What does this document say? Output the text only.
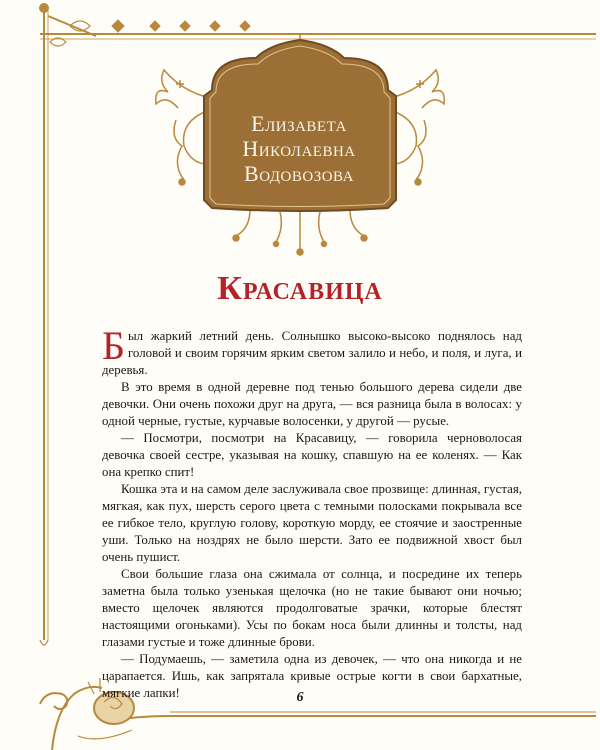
Елизавета
Николаевна
Водовозова
Красавица

Был жаркий летний день. Солнышко высоко-высоко поднялось над головой и своим горячим ярким светом залило и небо, и поля, и луга, и деревья.

В это время в одной деревне под тенью большого дерева сидели две девочки. Они очень похожи друг на друга, — вся разница была в волосах: у одной черные, густые, курчавые волосенки, у другой — русые.

— Посмотри, посмотри на Красавицу, — говорила черноволосая девочка своей сестре, указывая на кошку, спавшую на ее коленях. — Как она крепко спит!

Кошка эта и на самом деле заслуживала свое прозвище: длинная, густая, мягкая, как пух, шерсть серого цвета с темными полосками покрывала все ее гибкое тело, круглую голову, короткую морду, ее стоячие и заостренные уши. Только на ноздрях не было шерсти. Зато ее подвижной хвост был очень пушист.

Свои большие глаза она сжимала от солнца, и посредине их теперь заметна была только узенькая щелочка (но не такие бывают они ночью; вместо щелочек являются продолговатые зрачки, которые блестят настоящими огоньками). Усы по бокам носа были длинны и толсты, над глазами густые и тоже длинные брови.

— Подумаешь, — заметила одна из девочек, — что она никогда и не царапается. Ишь, как запрятала кривые острые когти в свои бархатные, мягкие лапки!	6
